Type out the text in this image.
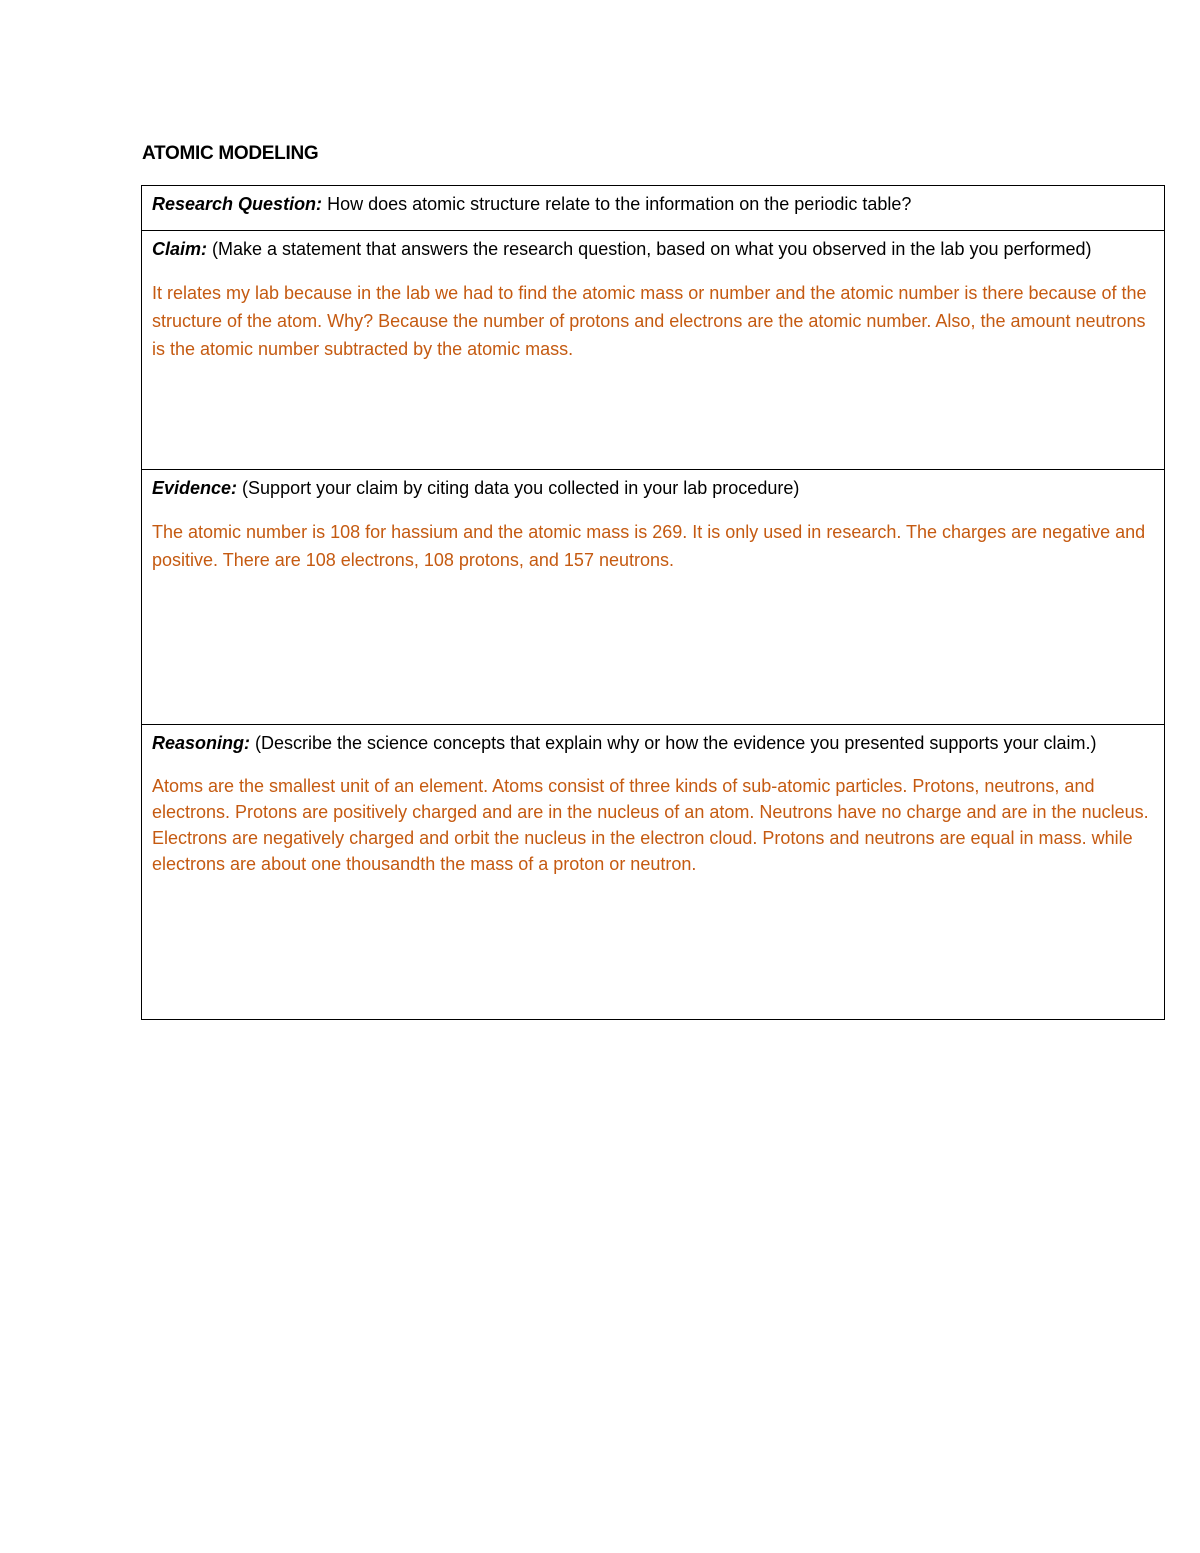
ATOMIC MODELING

Research Question: How does atomic structure relate to the information on the periodic table?

Claim: (Make a statement that answers the research question, based on what you observed in the lab you performed)

It relates my lab because in the lab we had to find the atomic mass or number and the atomic number is there because of the structure of the atom. Why? Because the number of protons and electrons are the atomic number. Also, the amount neutrons is the atomic number subtracted by the atomic mass.

Evidence: (Support your claim by citing data you collected in your lab procedure)

The atomic number is 108 for hassium and the atomic mass is 269. It is only used in research. The charges are negative and positive. There are 108 electrons, 108 protons, and 157 neutrons.

Reasoning: (Describe the science concepts that explain why or how the evidence you presented supports your claim.)

Atoms are the smallest unit of an element. Atoms consist of three kinds of sub-atomic particles. Protons, neutrons, and electrons. Protons are positively charged and are in the nucleus of an atom. Neutrons have no charge and are in the nucleus. Electrons are negatively charged and orbit the nucleus in the electron cloud. Protons and neutrons are equal in mass. while electrons are about one thousandth the mass of a proton or neutron.
